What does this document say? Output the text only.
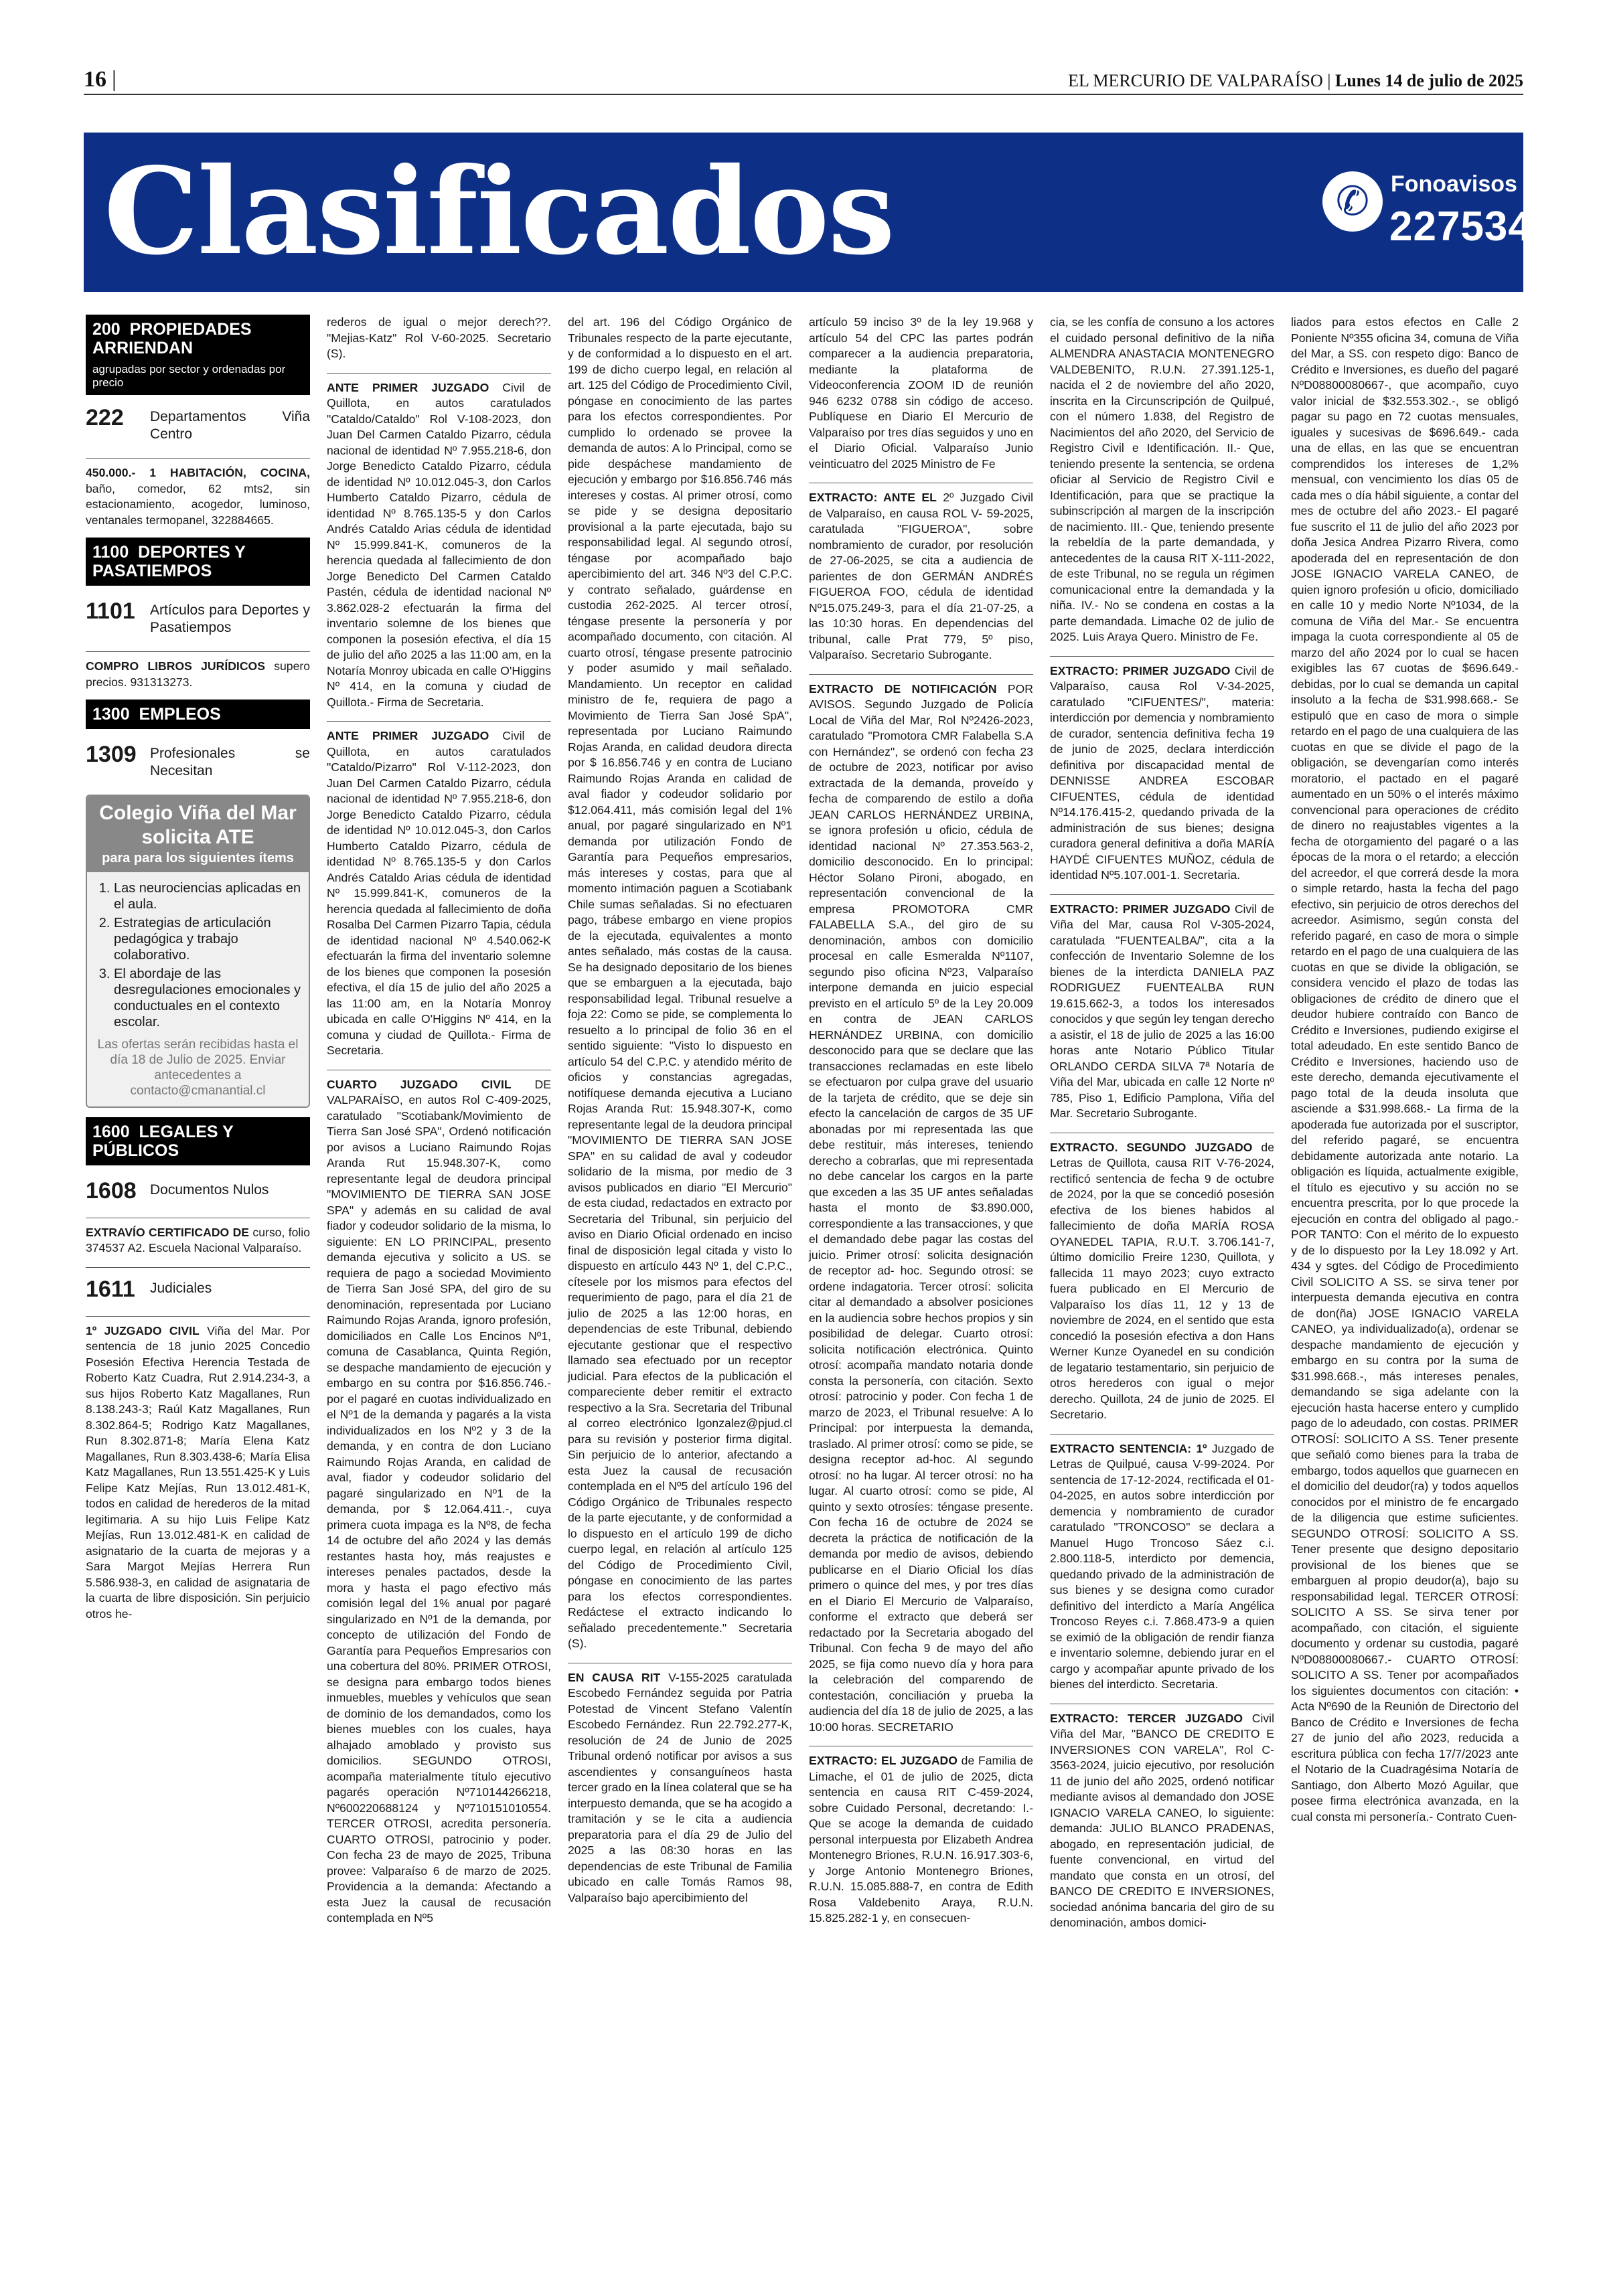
16 |	EL MERCURIO DE VALPARAÍSO | Lunes 14 de julio de 2025
Clasificados	✆ Fonoavisos
227534313
200 PROPIEDADES ARRIENDAN
agrupadas por sector y ordenadas por precio
222	Departamentos Viña Centro

450.000.- 1 HABITACIÓN, COCINA, baño, comedor, 62 mts2, sin estacionamiento, acogedor, luminoso, ventanales termopanel, 322884665.

1100 DEPORTES Y PASATIEMPOS
1101	Artículos para Deportes y Pasatiempos

COMPRO LIBROS JURÍDICOS supero precios. 931313273.

1300 EMPLEOS
1309 Profesionales se Necesitan
Colegio Viña del Mar solicita ATE
para para los siguientes ítems
1. Las neurociencias aplicadas en el aula.
2. Estrategias de articulación pedagógica y trabajo colaborativo.
3. El abordaje de las desregulaciones emocionales y conductuales en el contexto escolar.
Las ofertas serán recibidas hasta el día 18 de Julio de 2025. Enviar antecedentes a contacto@cmanantial.cl
1600 LEGALES Y PÚBLICOS
1608 Documentos Nulos

EXTRAVÍO CERTIFICADO DE curso, folio 374537 A2. Escuela Nacional Valparaíso.

1611	Judiciales

1º JUZGADO CIVIL Viña del Mar. Por sentencia de 18 junio 2025 Concedio Posesión Efectiva Herencia Testada de Roberto Katz Cuadra, Rut 2.914.234-3, a sus hijos Roberto Katz Magallanes, Run 8.138.243-3; Raúl Katz Magallanes, Run 8.302.864-5; Rodrigo Katz Magallanes, Run 8.302.871-8; María Elena Katz Magallanes, Run 8.303.438-6; María Elisa Katz Magallanes, Run 13.551.425-K y Luis Felipe Katz Mejías, Run 13.012.481-K, todos en calidad de herederos de la mitad legitimaria. A su hijo Luis Felipe Katz Mejías, Run 13.012.481-K en calidad de asignatario de la cuarta de mejoras y a Sara Margot Mejías Herrera Run 5.586.938-3, en calidad de asignataria de la cuarta de libre disposición. Sin perjuicio otros he-

rederos de igual o mejor derech??. "Mejias-Katz" Rol V-60-2025. Secretario (S).

ANTE PRIMER JUZGADO Civil de Quillota, en autos caratulados "Cataldo/Cataldo" Rol V-108-2023, don Juan Del Carmen Cataldo Pizarro, cédula nacional de identidad Nº 7.955.218-6, don Jorge Benedicto Cataldo Pizarro, cédula de identidad Nº 10.012.045-3, don Carlos Humberto Cataldo Pizarro, cédula de identidad Nº 8.765.135-5 y don Carlos Andrés Cataldo Arias cédula de identidad Nº 15.999.841-K, comuneros de la herencia quedada al fallecimiento de don Jorge Benedicto Del Carmen Cataldo Pastén, cédula de identidad nacional Nº 3.862.028-2 efectuarán la firma del inventario solemne de los bienes que componen la posesión efectiva, el día 15 de julio del año 2025 a las 11:00 am, en la Notaría Monroy ubicada en calle O'Higgins Nº 414, en la comuna y ciudad de Quillota.- Firma de Secretaria.

ANTE PRIMER JUZGADO Civil de Quillota, en autos caratulados "Cataldo/Pizarro" Rol V-112-2023, don Juan Del Carmen Cataldo Pizarro, cédula nacional de identidad Nº 7.955.218-6, don Jorge Benedicto Cataldo Pizarro, cédula de identidad Nº 10.012.045-3, don Carlos Humberto Cataldo Pizarro, cédula de identidad Nº 8.765.135-5 y don Carlos Andrés Cataldo Arias cédula de identidad Nº 15.999.841-K, comuneros de la herencia quedada al fallecimiento de doña Rosalba Del Carmen Pizarro Tapia, cédula de identidad nacional Nº 4.540.062-K efectuarán la firma del inventario solemne de los bienes que componen la posesión efectiva, el día 15 de julio del año 2025 a las 11:00 am, en la Notaría Monroy ubicada en calle O'Higgins Nº 414, en la comuna y ciudad de Quillota.- Firma de Secretaria.

CUARTO JUZGADO CIVIL DE VALPARAÍSO, en autos Rol C-409-2025, caratulado "Scotiabank/Movimiento de Tierra San José SPA", Ordenó notificación por avisos a Luciano Raimundo Rojas Aranda Rut 15.948.307-K, como representante legal de deudora principal "MOVIMIENTO DE TIERRA SAN JOSE SPA" y además en su calidad de aval fiador y codeudor solidario de la misma, lo siguiente: EN LO PRINCIPAL, presento demanda ejecutiva y solicito a US. se requiera de pago a sociedad Movimiento de Tierra San José SPA, del giro de su denominación, representada por Luciano Raimundo Rojas Aranda, ignoro profesión, domiciliados en Calle Los Encinos Nº1, comuna de Casablanca, Quinta Región, se despache mandamiento de ejecución y embargo en su contra por $16.856.746.- por el pagaré en cuotas individualizado en el Nº1 de la demanda y pagarés a la vista individualizados en los Nº2 y 3 de la demanda, y en contra de don Luciano Raimundo Rojas Aranda, en calidad de aval, fiador y codeudor solidario del pagaré singularizado en Nº1 de la demanda, por $ 12.064.411.-, cuya primera cuota impaga es la Nº8, de fecha 14 de octubre del año 2024 y las demás restantes hasta hoy, más reajustes e intereses penales pactados, desde la mora y hasta el pago efectivo más comisión legal del 1% anual por pagaré singularizado en Nº1 de la demanda, por concepto de utilización del Fondo de Garantía para Pequeños Empresarios con una cobertura del 80%. PRIMER OTROSI, se designa para embargo todos bienes inmuebles, muebles y vehículos que sean de dominio de los demandados, como los bienes muebles con los cuales, haya alhajado amoblado y provisto sus domicilios. SEGUNDO OTROSI, acompaña materialmente título ejecutivo pagarés operación Nº710144266218, Nº600220688124 y Nº710151010554. TERCER OTROSI, acredita personería. CUARTO OTROSI, patrocinio y poder. Con fecha 23 de mayo de 2025, Tribuna provee: Valparaíso 6 de marzo de 2025. Providencia a la demanda: Afectando a esta Juez la causal de recusación contemplada en Nº5

del art. 196 del Código Orgánico de Tribunales respecto de la parte ejecutante, y de conformidad a lo dispuesto en el art. 199 de dicho cuerpo legal, en relación al art. 125 del Código de Procedimiento Civil, póngase en conocimiento de las partes para los efectos correspondientes. Por cumplido lo ordenado se provee la demanda de autos: A lo Principal, como se pide despáchese mandamiento de ejecución y embargo por $16.856.746 más intereses y costas. Al primer otrosí, como se pide y se designa depositario provisional a la parte ejecutada, bajo su responsabilidad legal. Al segundo otrosí, téngase por acompañado bajo apercibimiento del art. 346 Nº3 del C.P.C. y contrato señalado, guárdense en custodia 262-2025. Al tercer otrosí, téngase presente la personería y por acompañado documento, con citación. Al cuarto otrosí, téngase presente patrocinio y poder asumido y mail señalado. Mandamiento. Un receptor en calidad ministro de fe, requiera de pago a Movimiento de Tierra San José SpA", representada por Luciano Raimundo Rojas Aranda, en calidad deudora directa por $ 16.856.746 y en contra de Luciano Raimundo Rojas Aranda en calidad de aval fiador y codeudor solidario por $12.064.411, más comisión legal del 1% anual, por pagaré singularizado en Nº1 demanda por utilización Fondo de Garantía para Pequeños empresarios, más intereses y costas, para que al momento intimación paguen a Scotiabank Chile sumas señaladas. Si no efectuaren pago, trábese embargo en viene propios de la ejecutada, equivalentes a monto antes señalado, más costas de la causa. Se ha designado depositario de los bienes que se embarguen a la ejecutada, bajo responsabilidad legal. Tribunal resuelve a foja 22: Como se pide, se complementa lo resuelto a lo principal de folio 36 en el sentido siguiente: "Visto lo dispuesto en artículo 54 del C.P.C. y atendido mérito de oficios y constancias agregadas, notifíquese demanda ejecutiva a Luciano Rojas Aranda Rut: 15.948.307-K, como representante legal de la deudora principal "MOVIMIENTO DE TIERRA SAN JOSE SPA" en su calidad de aval y codeudor solidario de la misma, por medio de 3 avisos publicados en diario "El Mercurio" de esta ciudad, redactados en extracto por Secretaria del Tribunal, sin perjuicio del aviso en Diario Oficial ordenado en inciso final de disposición legal citada y visto lo dispuesto en artículo 443 Nº 1, del C.P.C., cítesele por los mismos para efectos del requerimiento de pago, para el día 21 de julio de 2025 a las 12:00 horas, en dependencias de este Tribunal, debiendo ejecutante gestionar que el respectivo llamado sea efectuado por un receptor judicial. Para efectos de la publicación el compareciente deber remitir el extracto respectivo a la Sra. Secretaria del Tribunal al correo electrónico lgonzalez@pjud.cl para su revisión y posterior firma digital. Sin perjuicio de lo anterior, afectando a esta Juez la causal de recusación contemplada en el Nº5 del artículo 196 del Código Orgánico de Tribunales respecto de la parte ejecutante, y de conformidad a lo dispuesto en el artículo 199 de dicho cuerpo legal, en relación al artículo 125 del Código de Procedimiento Civil, póngase en conocimiento de las partes para los efectos correspondientes. Redáctese el extracto indicando lo señalado precedentemente." Secretaria (S).

EN CAUSA RIT V-155-2025 caratulada Escobedo Fernández seguida por Patria Potestad de Vincent Stefano Valentín Escobedo Fernández. Run 22.792.277-K, resolución de 24 de Junio de 2025 Tribunal ordenó notificar por avisos a sus ascendientes y consanguíneos hasta tercer grado en la línea colateral que se ha interpuesto demanda, que se ha acogido a tramitación y se le cita a audiencia preparatoria para el día 29 de Julio del 2025 a las 08:30 horas en las dependencias de este Tribunal de Familia ubicado en calle Tomás Ramos 98, Valparaíso bajo apercibimiento del

artículo 59 inciso 3º de la ley 19.968 y artículo 54 del CPC las partes podrán comparecer a la audiencia preparatoria, mediante la plataforma de Videoconferencia ZOOM ID de reunión 946 6232 0788 sin código de acceso. Publíquese en Diario El Mercurio de Valparaíso por tres días seguidos y uno en el Diario Oficial. Valparaíso Junio veinticuatro del 2025 Ministro de Fe

EXTRACTO: ANTE EL 2º Juzgado Civil de Valparaíso, en causa ROL V- 59-2025, caratulada "FIGUEROA", sobre nombramiento de curador, por resolución de 27-06-2025, se cita a audiencia de parientes de don GERMÁN ANDRÉS FIGUEROA FOO, cédula de identidad Nº15.075.249-3, para el día 21-07-25, a las 10:30 horas. En dependencias del tribunal, calle Prat 779, 5º piso, Valparaíso. Secretario Subrogante.

EXTRACTO DE NOTIFICACIÓN POR AVISOS. Segundo Juzgado de Policía Local de Viña del Mar, Rol Nº2426-2023, caratulado "Promotora CMR Falabella S.A con Hernández", se ordenó con fecha 23 de octubre de 2023, notificar por aviso extractada de la demanda, proveído y fecha de comparendo de estilo a doña JEAN CARLOS HERNÁNDEZ URBINA, se ignora profesión u oficio, cédula de identidad nacional Nº 27.353.563-2, domicilio desconocido. En lo principal: Héctor Solano Pironi, abogado, en representación convencional de la empresa PROMOTORA CMR FALABELLA S.A., del giro de su denominación, ambos con domicilio procesal en calle Esmeralda Nº1107, segundo piso oficina Nº23, Valparaíso interpone demanda en juicio especial previsto en el artículo 5º de la Ley 20.009 en contra de JEAN CARLOS HERNÁNDEZ URBINA, con domicilio desconocido para que se declare que las transacciones reclamadas en este libelo se efectuaron por culpa grave del usuario de la tarjeta de crédito, que se deje sin efecto la cancelación de cargos de 35 UF abonadas por mi representada las que debe restituir, más intereses, teniendo derecho a cobrarlas, que mi representada no debe cancelar los cargos en la parte que exceden a las 35 UF antes señaladas hasta el monto de $3.890.000, correspondiente a las transacciones, y que el demandado debe pagar las costas del juicio. Primer otrosí: solicita designación de receptor ad- hoc. Segundo otrosí: se ordene indagatoria. Tercer otrosí: solicita citar al demandado a absolver posiciones en la audiencia sobre hechos propios y sin posibilidad de delegar. Cuarto otrosí: solicita notificación electrónica. Quinto otrosí: acompaña mandato notaria donde consta la personería, con citación. Sexto otrosí: patrocinio y poder. Con fecha 1 de marzo de 2023, el Tribunal resuelve: A lo Principal: por interpuesta la demanda, traslado. Al primer otrosí: como se pide, se designa receptor ad-hoc. Al segundo otrosí: no ha lugar. Al tercer otrosí: no ha lugar. Al cuarto otrosí: como se pide, Al quinto y sexto otrosíes: téngase presente. Con fecha 16 de octubre de 2024 se decreta la práctica de notificación de la demanda por medio de avisos, debiendo publicarse en el Diario Oficial los días primero o quince del mes, y por tres días en el Diario El Mercurio de Valparaíso, conforme el extracto que deberá ser redactado por la Secretaria abogado del Tribunal. Con fecha 9 de mayo del año 2025, se fija como nuevo día y hora para la celebración del comparendo de contestación, conciliación y prueba la audiencia del día 18 de julio de 2025, a las 10:00 horas. SECRETARIO

EXTRACTO: EL JUZGADO de Familia de Limache, el 01 de julio de 2025, dicta sentencia en causa RIT C-459-2024, sobre Cuidado Personal, decretando: I.- Que se acoge la demanda de cuidado personal interpuesta por Elizabeth Andrea Montenegro Briones, R.U.N. 16.917.303-6, y Jorge Antonio Montenegro Briones, R.U.N. 15.085.888-7, en contra de Edith Rosa Valdebenito Araya, R.U.N. 15.825.282-1 y, en consecuen-

cia, se les confía de consuno a los actores el cuidado personal definitivo de la niña ALMENDRA ANASTACIA MONTENEGRO VALDEBENITO, R.U.N. 27.391.125-1, nacida el 2 de noviembre del año 2020, inscrita en la Circunscripción de Quilpué, con el número 1.838, del Registro de Nacimientos del año 2020, del Servicio de Registro Civil e Identificación. II.- Que, teniendo presente la sentencia, se ordena oficiar al Servicio de Registro Civil e Identificación, para que se practique la subinscripción al margen de la inscripción de nacimiento. III.- Que, teniendo presente la rebeldía de la parte demandada, y antecedentes de la causa RIT X-111-2022, de este Tribunal, no se regula un régimen comunicacional entre la demandada y la niña. IV.- No se condena en costas a la parte demandada. Limache 02 de julio de 2025. Luis Araya Quero. Ministro de Fe.

EXTRACTO: PRIMER JUZGADO Civil de Valparaíso, causa Rol V-34-2025, caratulado "CIFUENTES/", materia: interdicción por demencia y nombramiento de curador, sentencia definitiva fecha 19 de junio de 2025, declara interdicción definitiva por discapacidad mental de DENNISSE ANDREA ESCOBAR CIFUENTES, cédula de identidad Nº14.176.415-2, quedando privada de la administración de sus bienes; designa curadora general definitiva a doña MARÍA HAYDÉ CIFUENTES MUÑOZ, cédula de identidad Nº5.107.001-1. Secretaria.

EXTRACTO: PRIMER JUZGADO Civil de Viña del Mar, causa Rol V-305-2024, caratulada "FUENTEALBA/", cita a la confección de Inventario Solemne de los bienes de la interdicta DANIELA PAZ RODRIGUEZ FUENTEALBA RUN 19.615.662-3, a todos los interesados conocidos y que según ley tengan derecho a asistir, el 18 de julio de 2025 a las 16:00 horas ante Notario Público Titular ORLANDO CERDA SILVA 7ª Notaría de Viña del Mar, ubicada en calle 12 Norte nº 785, Piso 1, Edificio Pamplona, Viña del Mar. Secretario Subrogante.

EXTRACTO. SEGUNDO JUZGADO de Letras de Quillota, causa RIT V-76-2024, rectificó sentencia de fecha 9 de octubre de 2024, por la que se concedió posesión efectiva de los bienes habidos al fallecimiento de doña MARÍA ROSA OYANEDEL TAPIA, R.U.T. 3.706.141-7, último domicilio Freire 1230, Quillota, y fallecida 11 mayo 2023; cuyo extracto fuera publicado en El Mercurio de Valparaíso los días 11, 12 y 13 de noviembre de 2024, en el sentido que esta concedió la posesión efectiva a don Hans Werner Kunze Oyanedel en su condición de legatario testamentario, sin perjuicio de otros herederos con igual o mejor derecho. Quillota, 24 de junio de 2025. El Secretario.

EXTRACTO SENTENCIA: 1º Juzgado de Letras de Quilpué, causa V-99-2024. Por sentencia de 17-12-2024, rectificada el 01-04-2025, en autos sobre interdicción por demencia y nombramiento de curador caratulado "TRONCOSO" se declara a Manuel Hugo Troncoso Sáez c.i. 2.800.118-5, interdicto por demencia, quedando privado de la administración de sus bienes y se designa como curador definitivo del interdicto a María Angélica Troncoso Reyes c.i. 7.868.473-9 a quien se eximió de la obligación de rendir fianza e inventario solemne, debiendo jurar en el cargo y acompañar apunte privado de los bienes del interdicto. Secretaria.

EXTRACTO: TERCER JUZGADO Civil Viña del Mar, "BANCO DE CREDITO E INVERSIONES CON VARELA", Rol C-3563-2024, juicio ejecutivo, por resolución 11 de junio del año 2025, ordenó notificar mediante avisos al demandado don JOSE IGNACIO VARELA CANEO, lo siguiente: demanda: JULIO BLANCO PRADENAS, abogado, en representación judicial, de fuente convencional, en virtud del mandato que consta en un otrosí, del BANCO DE CREDITO E INVERSIONES, sociedad anónima bancaria del giro de su denominación, ambos domici-

liados para estos efectos en Calle 2 Poniente Nº355 oficina 34, comuna de Viña del Mar, a SS. con respeto digo: Banco de Crédito e Inversiones, es dueño del pagaré NºD08800080667-, que acompaño, cuyo valor inicial de $32.553.302.-, se obligó pagar su pago en 72 cuotas mensuales, iguales y sucesivas de $696.649.- cada una de ellas, en las que se encuentran comprendidos los intereses de 1,2% mensual, con vencimiento los días 05 de cada mes o día hábil siguiente, a contar del mes de octubre del año 2023.- El pagaré fue suscrito el 11 de julio del año 2023 por doña Jesica Andrea Pizarro Rivera, como apoderada del en representación de don JOSE IGNACIO VARELA CANEO, de quien ignoro profesión u oficio, domiciliado en calle 10 y medio Norte Nº1034, de la comuna de Viña del Mar.- Se encuentra impaga la cuota correspondiente al 05 de marzo del año 2024 por lo cual se hacen exigibles las 67 cuotas de $696.649.- debidas, por lo cual se demanda un capital insoluto a la fecha de $31.998.668.- Se estipuló que en caso de mora o simple retardo en el pago de una cualquiera de las cuotas en que se divide el pago de la obligación, se devengarían como interés moratorio, el pactado en el pagaré aumentado en un 50% o el interés máximo convencional para operaciones de crédito de dinero no reajustables vigentes a la fecha de otorgamiento del pagaré o a las épocas de la mora o el retardo; a elección del acreedor, el que correrá desde la mora o simple retardo, hasta la fecha del pago efectivo, sin perjuicio de otros derechos del acreedor. Asimismo, según consta del referido pagaré, en caso de mora o simple retardo en el pago de una cualquiera de las cuotas en que se divide la obligación, se considera vencido el plazo de todas las obligaciones de crédito de dinero que el deudor hubiere contraído con Banco de Crédito e Inversiones, pudiendo exigirse el total adeudado. En este sentido Banco de Crédito e Inversiones, haciendo uso de este derecho, demanda ejecutivamente el pago total de la deuda insoluta que asciende a $31.998.668.- La firma de la apoderada fue autorizada por el suscriptor, del referido pagaré, se encuentra debidamente autorizada ante notario. La obligación es líquida, actualmente exigible, el título es ejecutivo y su acción no se encuentra prescrita, por lo que procede la ejecución en contra del obligado al pago.- POR TANTO: Con el mérito de lo expuesto y de lo dispuesto por la Ley 18.092 y Art. 434 y sgtes. del Código de Procedimiento Civil SOLICITO A SS. se sirva tener por interpuesta demanda ejecutiva en contra de don(ña) JOSE IGNACIO VARELA CANEO, ya individualizado(a), ordenar se despache mandamiento de ejecución y embargo en su contra por la suma de $31.998.668.-, más intereses penales, demandando se siga adelante con la ejecución hasta hacerse entero y cumplido pago de lo adeudado, con costas. PRIMER OTROSÍ: SOLICITO A SS. Tener presente que señaló como bienes para la traba de embargo, todos aquellos que guarnecen en el domicilio del deudor(ra) y todos aquellos conocidos por el ministro de fe encargado de la diligencia que estime suficientes. SEGUNDO OTROSÍ: SOLICITO A SS. Tener presente que designo depositario provisional de los bienes que se embarguen al propio deudor(a), bajo su responsabilidad legal. TERCER OTROSÍ: SOLICITO A SS. Se sirva tener por acompañado, con citación, el siguiente documento y ordenar su custodia, pagaré NºD08800080667.- CUARTO OTROSÍ: SOLICITO A SS. Tener por acompañados los siguientes documentos con citación: • Acta Nº690 de la Reunión de Directorio del Banco de Crédito e Inversiones de fecha 27 de junio del año 2023, reducida a escritura pública con fecha 17/7/2023 ante el Notario de la Cuadragésima Notaría de Santiago, don Alberto Mozó Aguilar, que posee firma electrónica avanzada, en la cual consta mi personería.- Contrato Cuen-
